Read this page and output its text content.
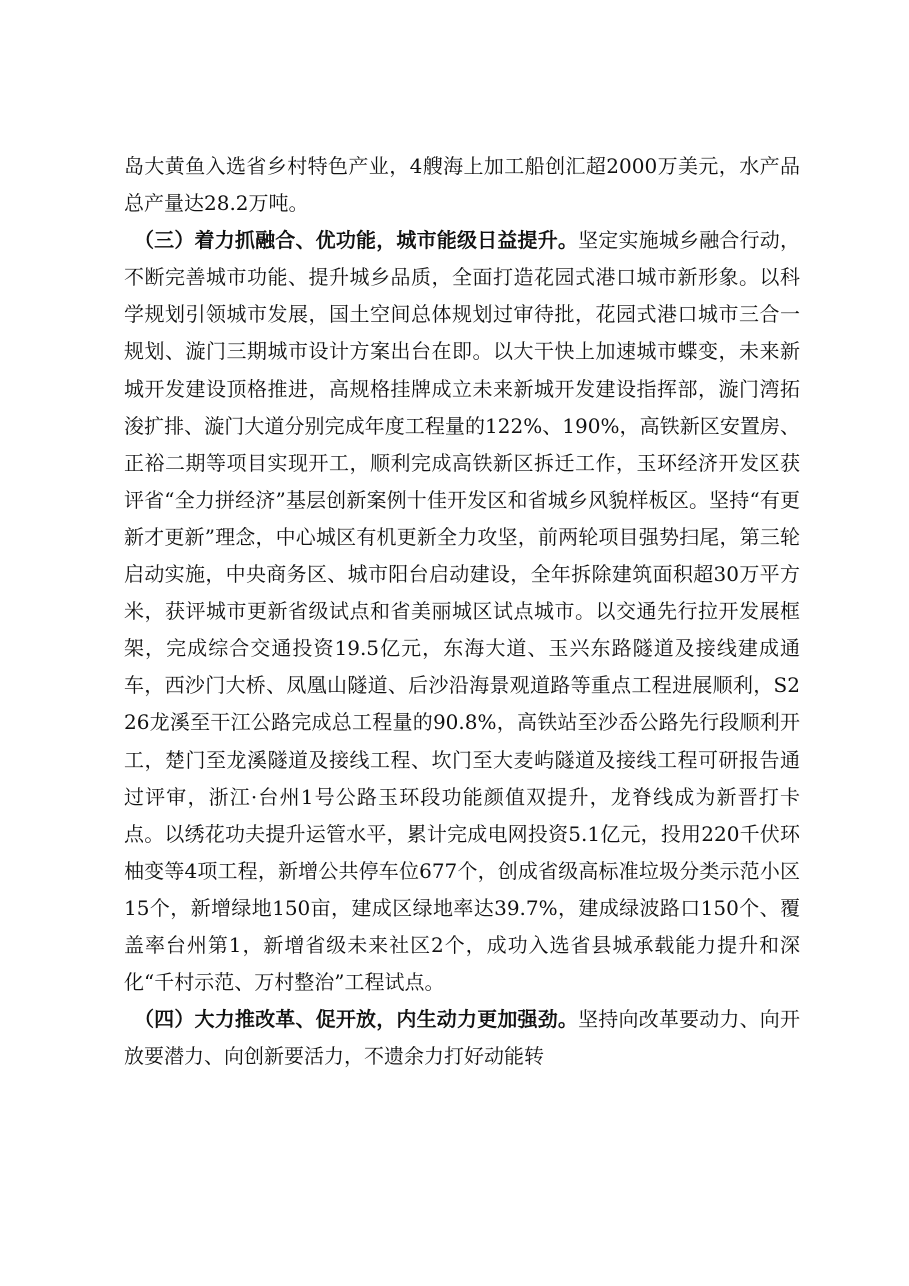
岛大黄鱼入选省乡村特色产业，4艘海上加工船创汇超2000万美元，水产品总产量达28.2万吨。

（三）着力抓融合、优功能，城市能级日益提升。坚定实施城乡融合行动，不断完善城市功能、提升城乡品质，全面打造花园式港口城市新形象。以科学规划引领城市发展，国土空间总体规划过审待批，花园式港口城市三合一规划、漩门三期城市设计方案出台在即。以大干快上加速城市蝶变，未来新城开发建设顶格推进，高规格挂牌成立未来新城开发建设指挥部，漩门湾拓浚扩排、漩门大道分别完成年度工程量的122%、190%，高铁新区安置房、正裕二期等项目实现开工，顺利完成高铁新区拆迁工作，玉环经济开发区获评省“全力拼经济”基层创新案例十佳开发区和省城乡风貌样板区。坚持“有更新才更新”理念，中心城区有机更新全力攻坚，前两轮项目强势扫尾，第三轮启动实施，中央商务区、城市阳台启动建设，全年拆除建筑面积超30万平方米，获评城市更新省级试点和省美丽城区试点城市。以交通先行拉开发展框架，完成综合交通投资19.5亿元，东海大道、玉兴东路隧道及接线建成通车，西沙门大桥、凤凰山隧道、后沙沿海景观道路等重点工程进展顺利，S226龙溪至干江公路完成总工程量的90.8%，高铁站至沙岙公路先行段顺利开工，楚门至龙溪隧道及接线工程、坎门至大麦屿隧道及接线工程可研报告通过评审，浙江·台州1号公路玉环段功能颜值双提升，龙脊线成为新晋打卡点。以绣花功夫提升运管水平，累计完成电网投资5.1亿元，投用220千伏环柚变等4项工程，新增公共停车位677个，创成省级高标准垃圾分类示范小区15个，新增绿地150亩，建成区绿地率达39.7%，建成绿波路口150个、覆盖率台州第1，新增省级未来社区2个，成功入选省县城承载能力提升和深化“千村示范、万村整治”工程试点。

（四）大力推改革、促开放，内生动力更加强劲。坚持向改革要动力、向开放要潜力、向创新要活力，不遗余力打好动能转
